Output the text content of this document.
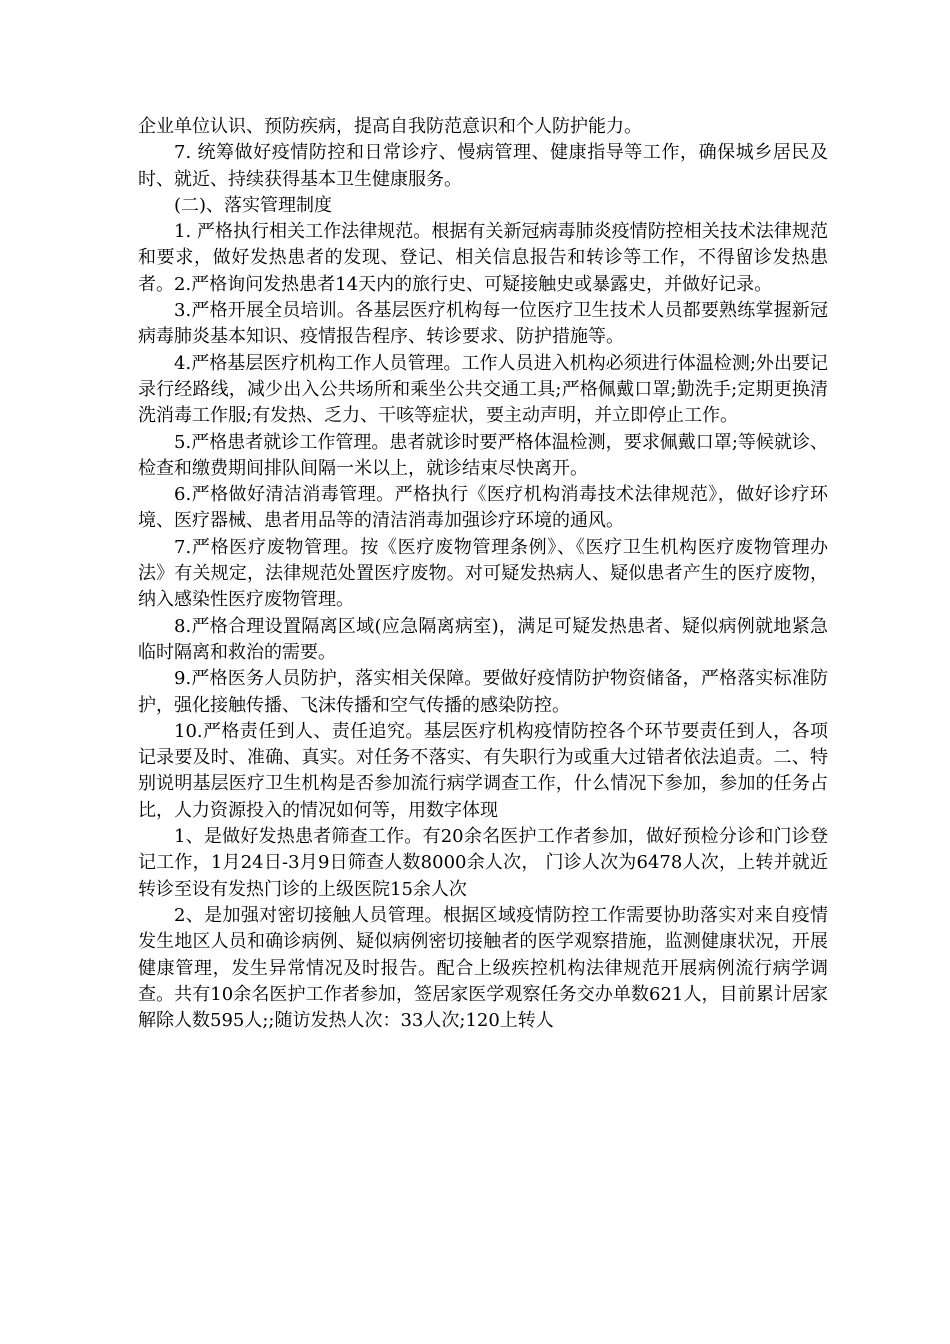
企业单位认识、预防疾病，提高自我防范意识和个人防护能力。

7. 统筹做好疫情防控和日常诊疗、慢病管理、健康指导等工作，确保城乡居民及时、就近、持续获得基本卫生健康服务。

(二)、落实管理制度

1. 严格执行相关工作法律规范。根据有关新冠病毒肺炎疫情防控相关技术法律规范和要求，做好发热患者的发现、登记、相关信息报告和转诊等工作，不得留诊发热患者。2.严格询问发热患者14天内的旅行史、可疑接触史或暴露史，并做好记录。

3.严格开展全员培训。各基层医疗机构每一位医疗卫生技术人员都要熟练掌握新冠病毒肺炎基本知识、疫情报告程序、转诊要求、防护措施等。

4.严格基层医疗机构工作人员管理。工作人员进入机构必须进行体温检测;外出要记录行经路线，减少出入公共场所和乘坐公共交通工具;严格佩戴口罩;勤洗手;定期更换清洗消毒工作服;有发热、乏力、干咳等症状，要主动声明，并立即停止工作。

5.严格患者就诊工作管理。患者就诊时要严格体温检测，要求佩戴口罩;等候就诊、检查和缴费期间排队间隔一米以上，就诊结束尽快离开。

6.严格做好清洁消毒管理。严格执行《医疗机构消毒技术法律规范》，做好诊疗环境、医疗器械、患者用品等的清洁消毒加强诊疗环境的通风。

7.严格医疗废物管理。按《医疗废物管理条例》、《医疗卫生机构医疗废物管理办法》有关规定，法律规范处置医疗废物。对可疑发热病人、疑似患者产生的医疗废物，纳入感染性医疗废物管理。

8.严格合理设置隔离区域(应急隔离病室)，满足可疑发热患者、疑似病例就地紧急临时隔离和救治的需要。

9.严格医务人员防护，落实相关保障。要做好疫情防护物资储备，严格落实标准防护，强化接触传播、飞沫传播和空气传播的感染防控。

10.严格责任到人、责任追究。基层医疗机构疫情防控各个环节要责任到人，各项记录要及时、准确、真实。对任务不落实、有失职行为或重大过错者依法追责。二、特别说明基层医疗卫生机构是否参加流行病学调查工作，什么情况下参加，参加的任务占比，人力资源投入的情况如何等，用数字体现

1、是做好发热患者筛查工作。有20余名医护工作者参加，做好预检分诊和门诊登记工作，1月24日-3月9日筛查人数8000余人次， 门诊人次为6478人次，上转并就近转诊至设有发热门诊的上级医院15余人次

2、是加强对密切接触人员管理。根据区域疫情防控工作需要协助落实对来自疫情发生地区人员和确诊病例、疑似病例密切接触者的医学观察措施，监测健康状况，开展健康管理，发生异常情况及时报告。配合上级疾控机构法律规范开展病例流行病学调查。共有10余名医护工作者参加，签居家医学观察任务交办单数621人，目前累计居家解除人数595人;;随访发热人次：33人次;120上转人
